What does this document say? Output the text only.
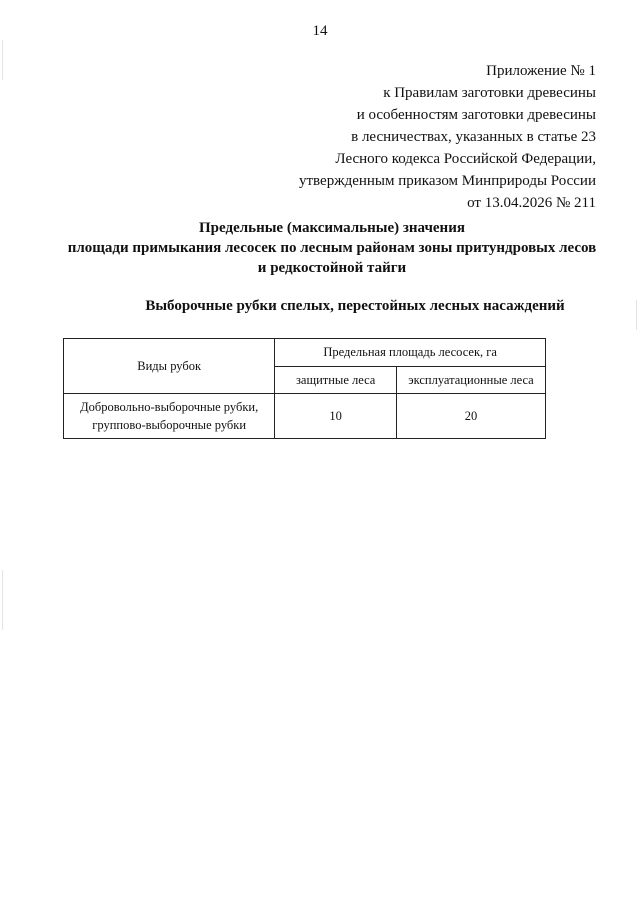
14
Приложение № 1
к Правилам заготовки древесины
и особенностям заготовки древесины
в лесничествах, указанных в статье 23
Лесного кодекса Российской Федерации,
утвержденным приказом Минприроды России
от 13.04.2026 № 211
Предельные (максимальные) значения
площади примыкания лесосек по лесным районам зоны притундровых лесов
и редкостойной тайги
Выборочные рубки спелых, перестойных лесных насаждений
Виды рубок	Предельная площадь лесосек, га	
	защитные леса	эксплуатационные леса

Добровольно-выборочные рубки,
группово-выборочные рубки	10	20
